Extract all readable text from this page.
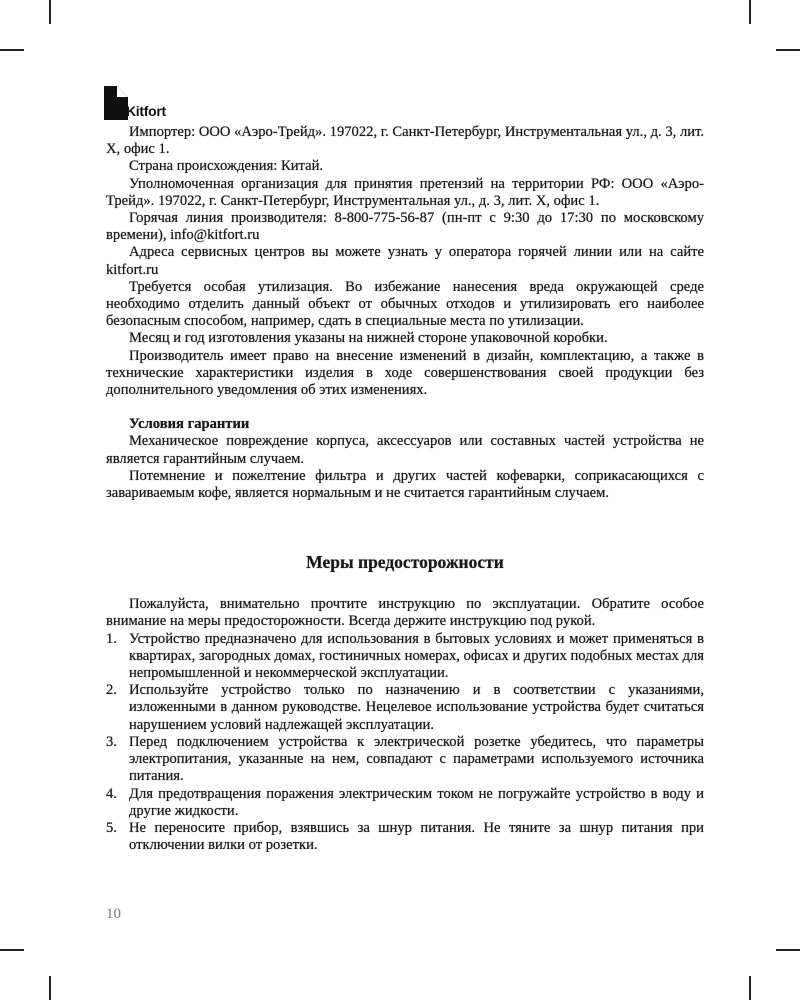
Kitfort

Импортер: ООО «Аэро-Трейд». 197022, г. Санкт-Петербург, Инструментальная ул., д. 3, лит. Х, офис 1.

Страна происхождения: Китай.

Уполномоченная организация для принятия претензий на территории РФ: ООО «Аэро-Трейд». 197022, г. Санкт-Петербург, Инструментальная ул., д. 3, лит. Х, офис 1.

Горячая линия производителя: 8-800-775-56-87 (пн-пт с 9:30 до 17:30 по московскому времени), info@kitfort.ru

Адреса сервисных центров вы можете узнать у оператора горячей линии или на сайте kitfort.ru

Требуется особая утилизация. Во избежание нанесения вреда окружающей среде необходимо отделить данный объект от обычных отходов и утилизировать его наиболее безопасным способом, например, сдать в специальные места по утилизации.

Месяц и год изготовления указаны на нижней стороне упаковочной коробки.

Производитель имеет право на внесение изменений в дизайн, комплектацию, а также в технические характеристики изделия в ходе совершенствования своей продукции без дополнительного уведомления об этих изменениях.

Условия гарантии

Механическое повреждение корпуса, аксессуаров или составных частей устройства не является гарантийным случаем.

Потемнение и пожелтение фильтра и других частей кофеварки, соприкасающихся с завариваемым кофе, является нормальным и не считается гарантийным случаем.

Меры предосторожности

Пожалуйста, внимательно прочтите инструкцию по эксплуатации. Обратите особое внимание на меры предосторожности. Всегда держите инструкцию под рукой.

1. Устройство предназначено для использования в бытовых условиях и может применяться в квартирах, загородных домах, гостиничных номерах, офисах и других подобных местах для непромышленной и некоммерческой эксплуатации.
2. Используйте устройство только по назначению и в соответствии с указаниями, изложенными в данном руководстве. Нецелевое использование устройства будет считаться нарушением условий надлежащей эксплуатации.
3. Перед подключением устройства к электрической розетке убедитесь, что параметры электропитания, указанные на нем, совпадают с параметрами используемого источника питания.
4. Для предотвращения поражения электрическим током не погружайте устройство в воду и другие жидкости.
5. Не переносите прибор, взявшись за шнур питания. Не тяните за шнур питания при отключении вилки от розетки.
10
